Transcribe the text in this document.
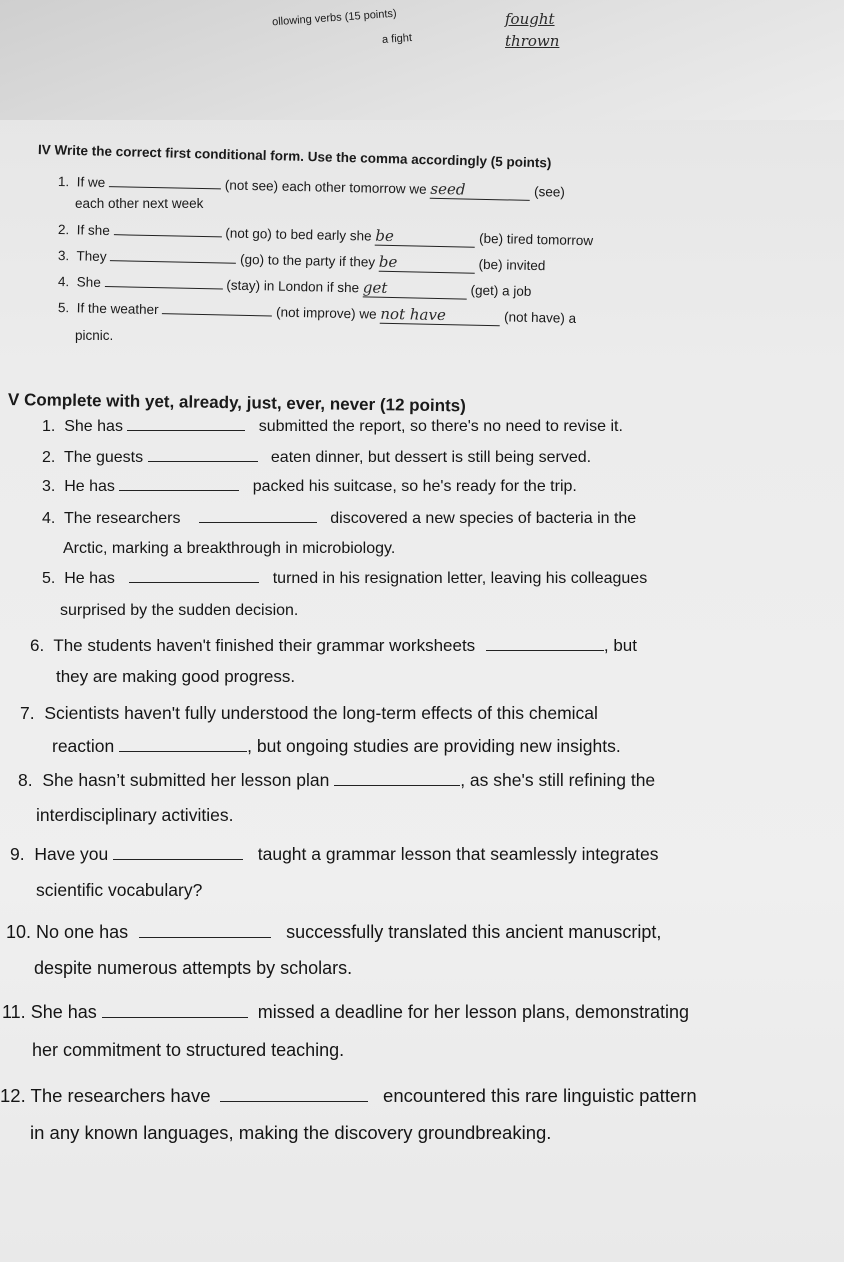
ollowing verbs (15 points)
a fight
fought
thrown
IV Write the correct first conditional form. Use the comma accordingly (5 points)
1. If we	(not see) each other tomorrow we seed	(see)
each other next week
2. If she	(not go) to bed early she be	(be) tired tomorrow
3. They	(go) to the party if they be	(be) invited
4. She	(stay) in London if she get	(get) a job
5. If the weather	(not improve) we not have	(not have) a
picnic.
V Complete with yet, already, just, ever, never (12 points)
1. She has	submitted the report, so there's no need to revise it.
2. The guests	eaten dinner, but dessert is still being served.
3. He has	packed his suitcase, so he's ready for the trip.
4. The researchers	discovered a new species of bacteria in the
Arctic, marking a breakthrough in microbiology.
5. He has	turned in his resignation letter, leaving his colleagues
surprised by the sudden decision.
6. The students haven't finished their grammar worksheets	, but
they are making good progress.
7. Scientists haven't fully understood the long-term effects of this chemical
reaction	, but ongoing studies are providing new insights.
8. She hasn’t submitted her lesson plan	, as she's still refining the
interdisciplinary activities.
9. Have you	taught a grammar lesson that seamlessly integrates
scientific vocabulary?
10. No one has	successfully translated this ancient manuscript,
despite numerous attempts by scholars.
11. She has	missed a deadline for her lesson plans, demonstrating
her commitment to structured teaching.
12. The researchers have	encountered this rare linguistic pattern
in any known languages, making the discovery groundbreaking.
